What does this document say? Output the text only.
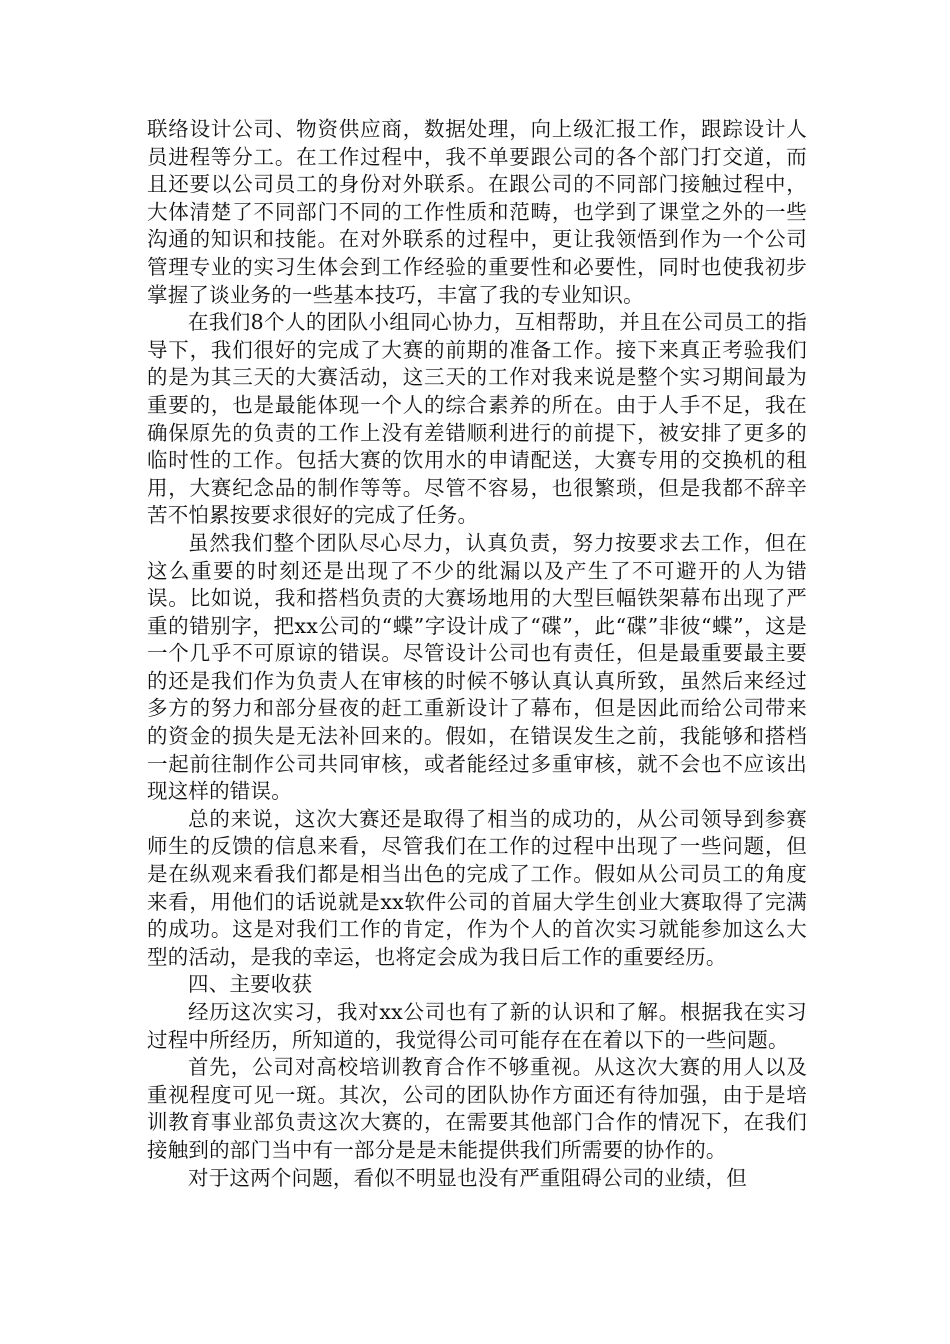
联络设计公司、物资供应商，数据处理，向上级汇报工作，跟踪设计人员进程等分工。在工作过程中，我不单要跟公司的各个部门打交道，而且还要以公司员工的身份对外联系。在跟公司的不同部门接触过程中，大体清楚了不同部门不同的工作性质和范畴，也学到了课堂之外的一些沟通的知识和技能。在对外联系的过程中，更让我领悟到作为一个公司管理专业的实习生体会到工作经验的重要性和必要性，同时也使我初步掌握了谈业务的一些基本技巧，丰富了我的专业知识。

在我们8个人的团队小组同心协力，互相帮助，并且在公司员工的指导下，我们很好的完成了大赛的前期的准备工作。接下来真正考验我们的是为其三天的大赛活动，这三天的工作对我来说是整个实习期间最为重要的，也是最能体现一个人的综合素养的所在。由于人手不足，我在确保原先的负责的工作上没有差错顺利进行的前提下，被安排了更多的临时性的工作。包括大赛的饮用水的申请配送，大赛专用的交换机的租用，大赛纪念品的制作等等。尽管不容易，也很繁琐，但是我都不辞辛苦不怕累按要求很好的完成了任务。

虽然我们整个团队尽心尽力，认真负责，努力按要求去工作，但在这么重要的时刻还是出现了不少的纰漏以及产生了不可避开的人为错误。比如说，我和搭档负责的大赛场地用的大型巨幅铁架幕布出现了严重的错别字，把xx公司的“蝶”字设计成了“碟”，此“碟”非彼“蝶”，这是一个几乎不可原谅的错误。尽管设计公司也有责任，但是最重要最主要的还是我们作为负责人在审核的时候不够认真认真所致，虽然后来经过多方的努力和部分昼夜的赶工重新设计了幕布，但是因此而给公司带来的资金的损失是无法补回来的。假如，在错误发生之前，我能够和搭档一起前往制作公司共同审核，或者能经过多重审核，就不会也不应该出现这样的错误。

总的来说，这次大赛还是取得了相当的成功的，从公司领导到参赛师生的反馈的信息来看，尽管我们在工作的过程中出现了一些问题，但是在纵观来看我们都是相当出色的完成了工作。假如从公司员工的角度来看，用他们的话说就是xx软件公司的首届大学生创业大赛取得了完满的成功。这是对我们工作的肯定，作为个人的首次实习就能参加这么大型的活动，是我的幸运，也将定会成为我日后工作的重要经历。

四、主要收获

经历这次实习，我对xx公司也有了新的认识和了解。根据我在实习过程中所经历，所知道的，我觉得公司可能存在在着以下的一些问题。

首先，公司对高校培训教育合作不够重视。从这次大赛的用人以及重视程度可见一斑。其次，公司的团队协作方面还有待加强，由于是培训教育事业部负责这次大赛的，在需要其他部门合作的情况下，在我们接触到的部门当中有一部分是是未能提供我们所需要的协作的。

对于这两个问题，看似不明显也没有严重阻碍公司的业绩，但
